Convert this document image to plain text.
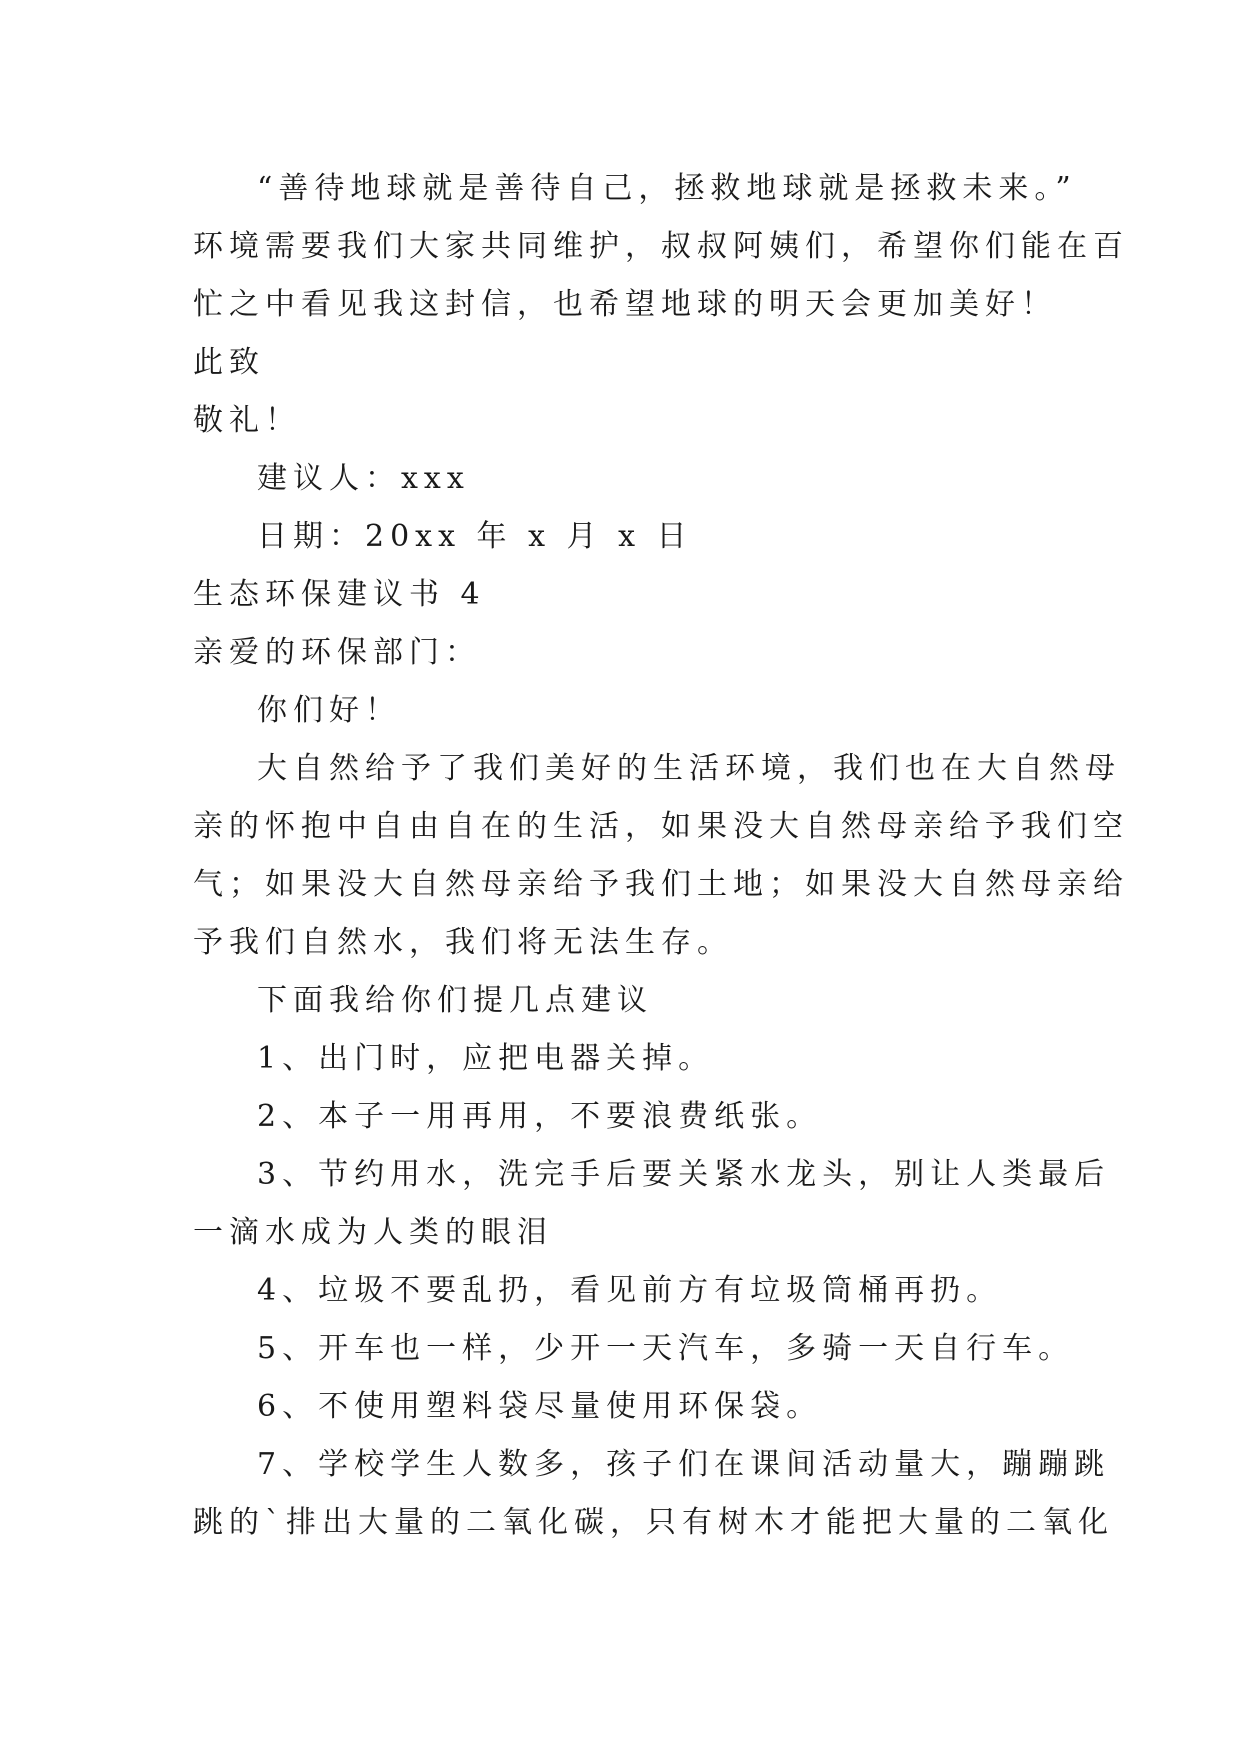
“善待地球就是善待自己，拯救地球就是拯救未来。”
环境需要我们大家共同维护，叔叔阿姨们，希望你们能在百
忙之中看见我这封信，也希望地球的明天会更加美好！
此致
敬礼！
建议人：xxx
日期：20xx 年 x 月 x 日
生态环保建议书 4
亲爱的环保部门：
你们好！
大自然给予了我们美好的生活环境，我们也在大自然母
亲的怀抱中自由自在的生活，如果没大自然母亲给予我们空
气；如果没大自然母亲给予我们土地；如果没大自然母亲给
予我们自然水，我们将无法生存。
下面我给你们提几点建议
1、出门时，应把电器关掉。
2、本子一用再用，不要浪费纸张。
3、节约用水，洗完手后要关紧水龙头，别让人类最后
一滴水成为人类的眼泪
4、垃圾不要乱扔，看见前方有垃圾筒桶再扔。
5、开车也一样，少开一天汽车，多骑一天自行车。
6、不使用塑料袋尽量使用环保袋。
7、学校学生人数多，孩子们在课间活动量大，蹦蹦跳
跳的`排出大量的二氧化碳，只有树木才能把大量的二氧化
